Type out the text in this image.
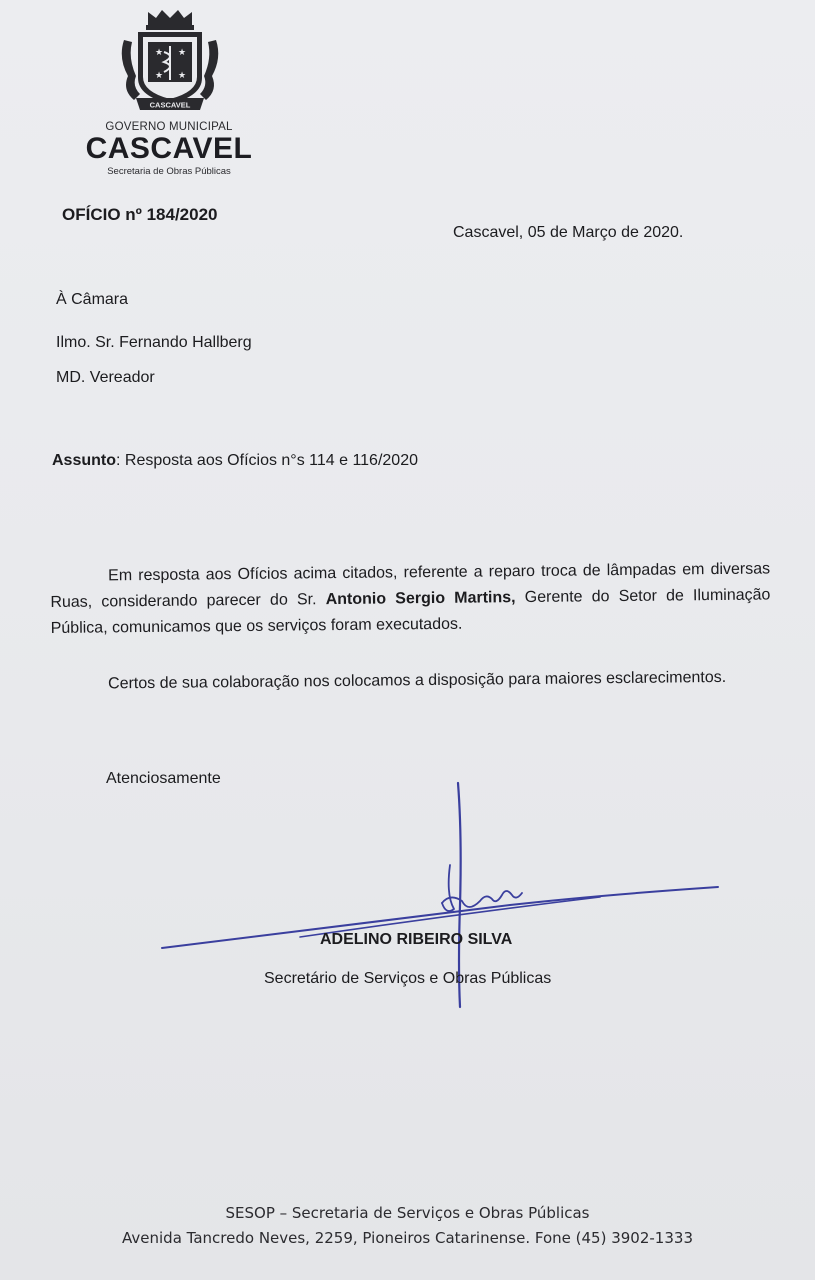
★ ★
★ ★
CASCAVEL
GOVERNO MUNICIPAL
CASCAVEL
Secretaria de Obras Públicas
OFÍCIO nº 184/2020
Cascavel, 05 de Março de 2020.
À Câmara
Ilmo. Sr. Fernando Hallberg
MD. Vereador
Assunto: Resposta aos Ofícios n°s 114 e 116/2020

Em resposta aos Ofícios acima citados, referente a reparo troca de lâmpadas em diversas Ruas, considerando parecer do Sr. Antonio Sergio Martins, Gerente do Setor de Iluminação Pública, comunicamos que os serviços foram executados.

Certos de sua colaboração nos colocamos a disposição para maiores esclarecimentos.

Atenciosamente
ADELINO RIBEIRO SILVA
Secretário de Serviços e Obras Públicas
SESOP – Secretaria de Serviços e Obras Públicas
Avenida Tancredo Neves, 2259, Pioneiros Catarinense. Fone (45) 3902-1333
